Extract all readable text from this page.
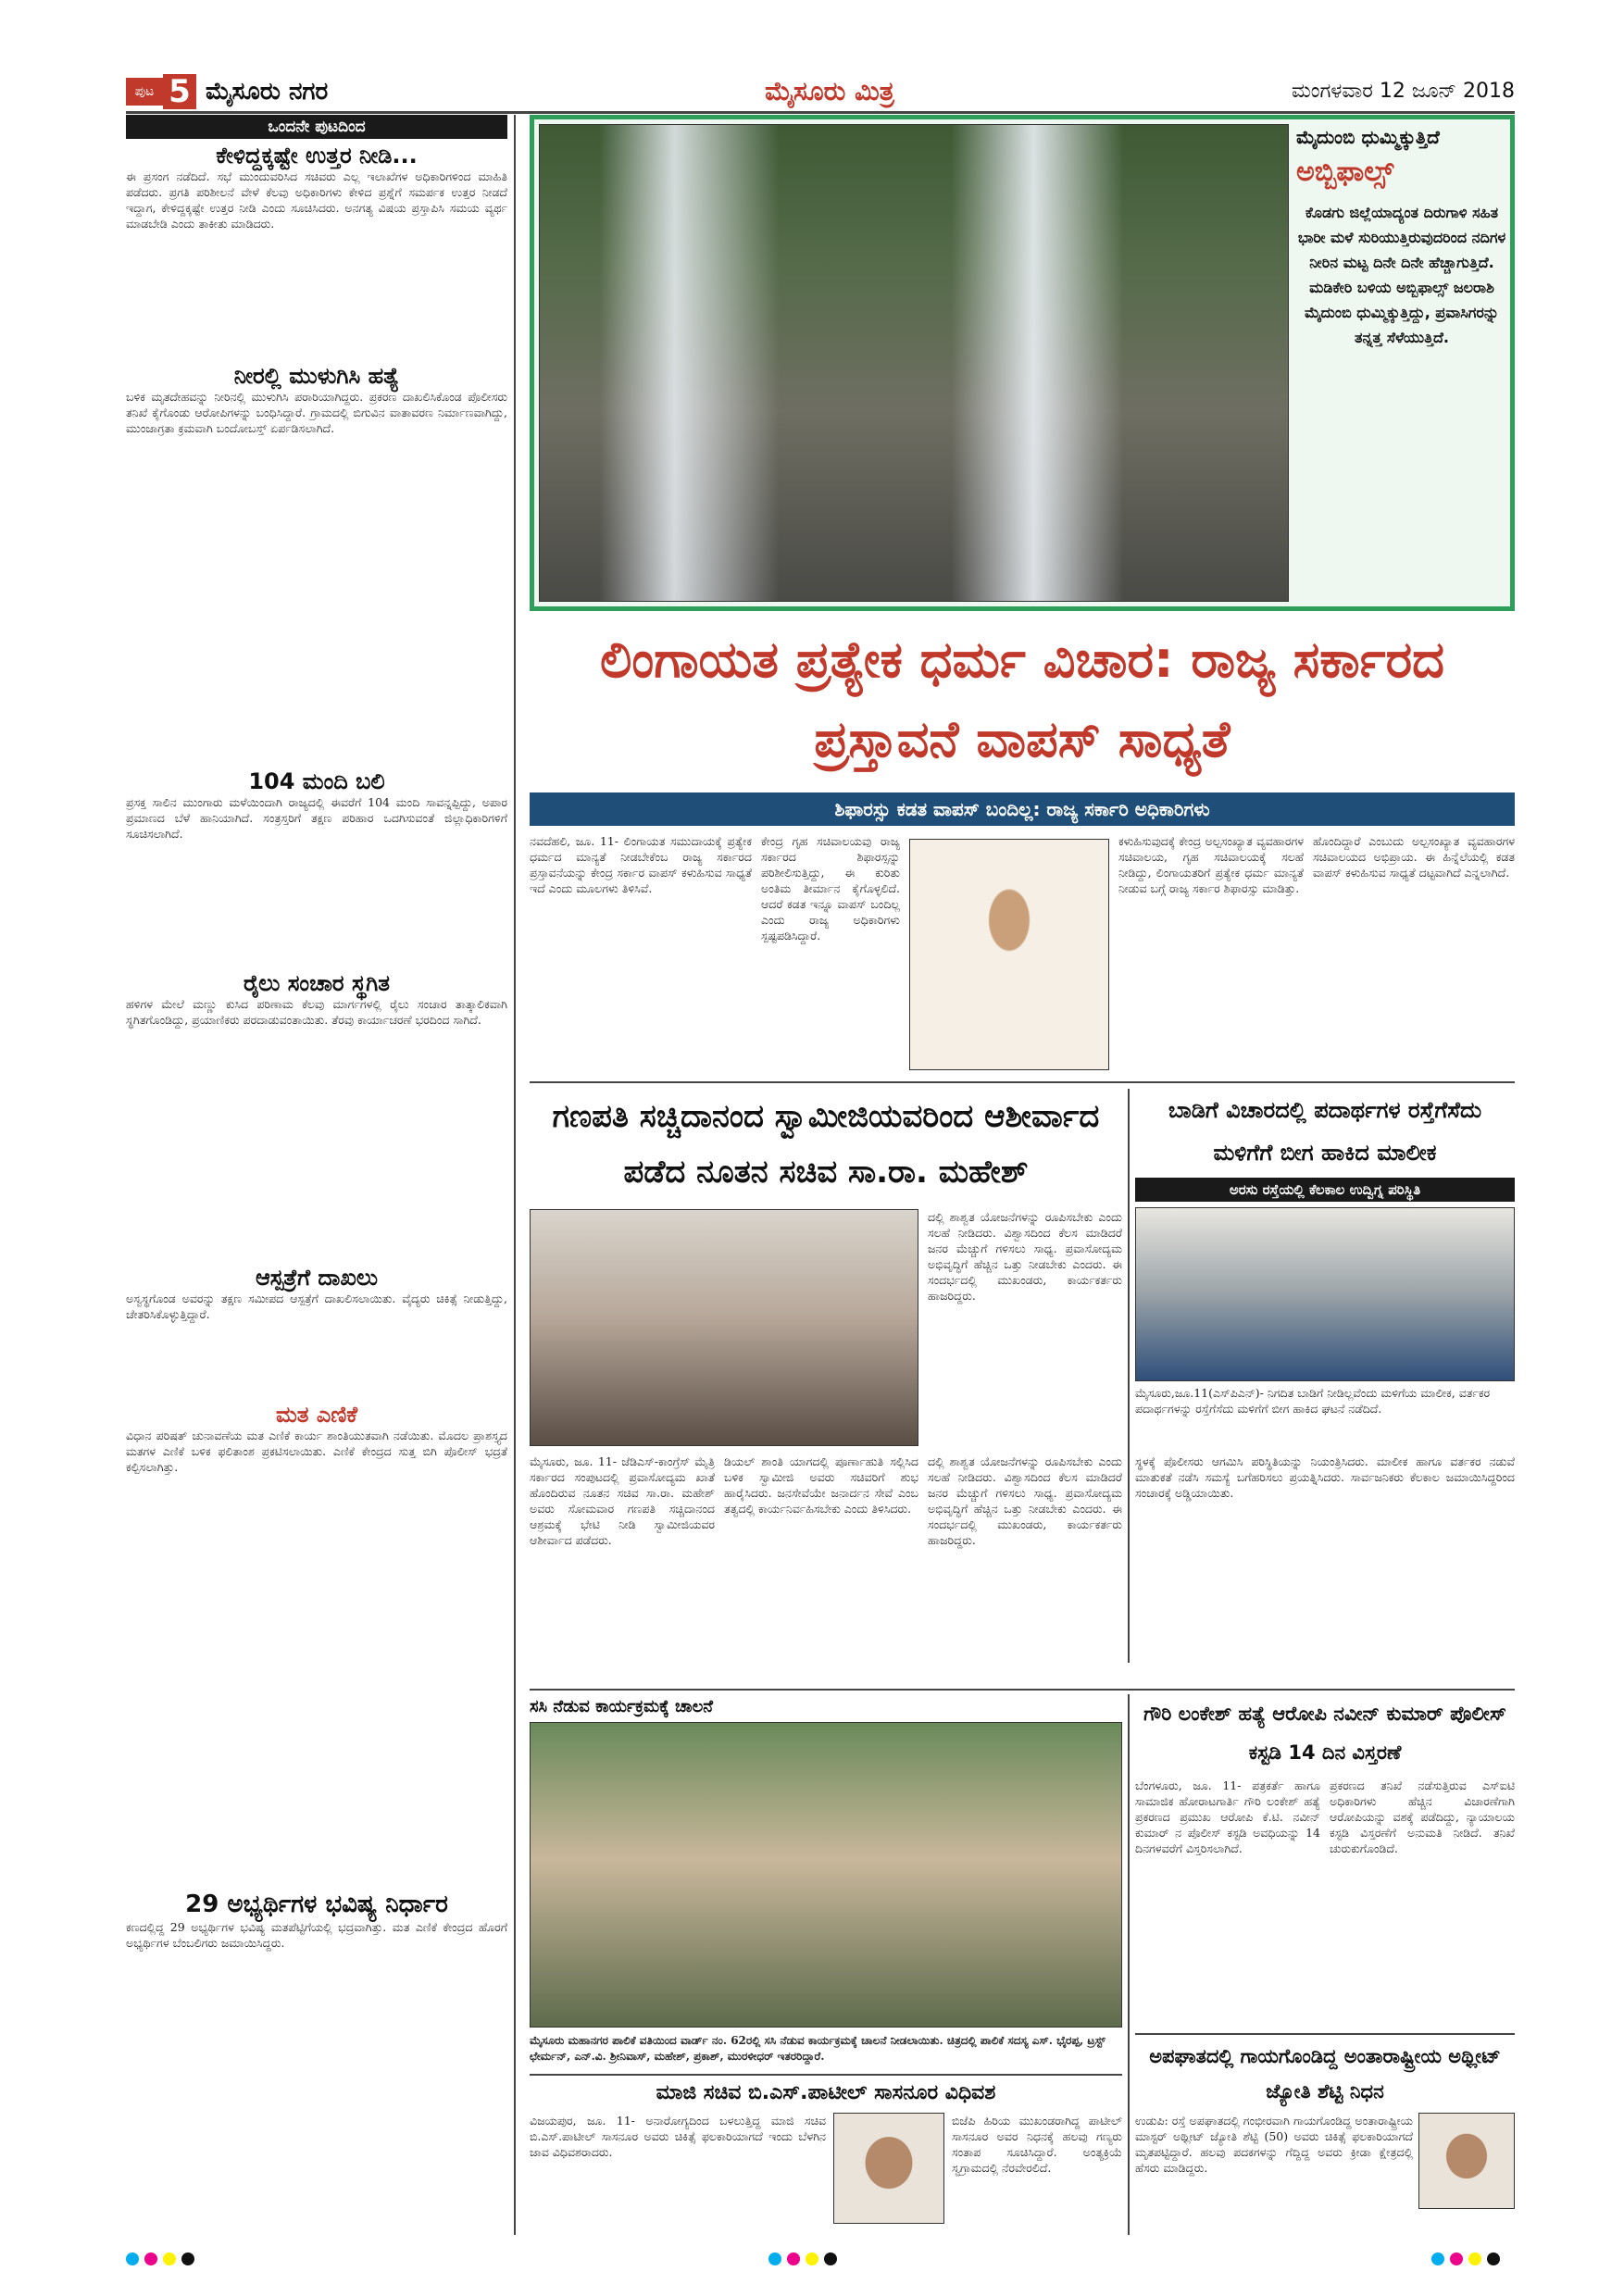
ಪುಟ 5 ಮೈಸೂರು ನಗರ	ಮೈಸೂರು ಮಿತ್ರ	ಮಂಗಳವಾರ 12 ಜೂನ್ 2018
ಒಂದನೇ ಪುಟದಿಂದ
ಕೇಳಿದ್ದಕ್ಕಷ್ಟೇ ಉತ್ತರ ನೀಡಿ...
ಈ ಪ್ರಸಂಗ ನಡೆದಿದೆ. ಸಭೆ ಮುಂದುವರಿಸಿದ ಸಚಿವರು ಎಲ್ಲ ಇಲಾಖೆಗಳ ಅಧಿಕಾರಿಗಳಿಂದ ಮಾಹಿತಿ ಪಡೆದರು. ಪ್ರಗತಿ ಪರಿಶೀಲನೆ ವೇಳೆ ಕೆಲವು ಅಧಿಕಾರಿಗಳು ಕೇಳಿದ ಪ್ರಶ್ನೆಗೆ ಸಮರ್ಪಕ ಉತ್ತರ ನೀಡದೆ ಇದ್ದಾಗ, ಕೇಳಿದ್ದಕ್ಕಷ್ಟೇ ಉತ್ತರ ನೀಡಿ ಎಂದು ಸೂಚಿಸಿದರು. ಅನಗತ್ಯ ವಿಷಯ ಪ್ರಸ್ತಾಪಿಸಿ ಸಮಯ ವ್ಯರ್ಥ ಮಾಡಬೇಡಿ ಎಂದು ತಾಕೀತು ಮಾಡಿದರು.
ನೀರಲ್ಲಿ ಮುಳುಗಿಸಿ ಹತ್ಯೆ
ಬಳಿಕ ಮೃತದೇಹವನ್ನು ನೀರಿನಲ್ಲಿ ಮುಳುಗಿಸಿ ಪರಾರಿಯಾಗಿದ್ದರು. ಪ್ರಕರಣ ದಾಖಲಿಸಿಕೊಂಡ ಪೊಲೀಸರು ತನಿಖೆ ಕೈಗೊಂಡು ಆರೋಪಿಗಳನ್ನು ಬಂಧಿಸಿದ್ದಾರೆ. ಗ್ರಾಮದಲ್ಲಿ ಬಿಗುವಿನ ವಾತಾವರಣ ನಿರ್ಮಾಣವಾಗಿದ್ದು, ಮುಂಜಾಗ್ರತಾ ಕ್ರಮವಾಗಿ ಬಂದೋಬಸ್ತ್ ಏರ್ಪಡಿಸಲಾಗಿದೆ.
104 ಮಂದಿ ಬಲಿ
ಪ್ರಸಕ್ತ ಸಾಲಿನ ಮುಂಗಾರು ಮಳೆಯಿಂದಾಗಿ ರಾಜ್ಯದಲ್ಲಿ ಈವರೆಗೆ 104 ಮಂದಿ ಸಾವನ್ನಪ್ಪಿದ್ದು, ಅಪಾರ ಪ್ರಮಾಣದ ಬೆಳೆ ಹಾನಿಯಾಗಿದೆ. ಸಂತ್ರಸ್ತರಿಗೆ ತಕ್ಷಣ ಪರಿಹಾರ ಒದಗಿಸುವಂತೆ ಜಿಲ್ಲಾಧಿಕಾರಿಗಳಿಗೆ ಸೂಚಿಸಲಾಗಿದೆ.
ರೈಲು ಸಂಚಾರ ಸ್ಥಗಿತ
ಹಳಿಗಳ ಮೇಲೆ ಮಣ್ಣು ಕುಸಿದ ಪರಿಣಾಮ ಕೆಲವು ಮಾರ್ಗಗಳಲ್ಲಿ ರೈಲು ಸಂಚಾರ ತಾತ್ಕಾಲಿಕವಾಗಿ ಸ್ಥಗಿತಗೊಂಡಿದ್ದು, ಪ್ರಯಾಣಿಕರು ಪರದಾಡುವಂತಾಯಿತು. ತೆರವು ಕಾರ್ಯಾಚರಣೆ ಭರದಿಂದ ಸಾಗಿದೆ.
ಆಸ್ಪತ್ರೆಗೆ ದಾಖಲು
ಅಸ್ವಸ್ಥಗೊಂಡ ಅವರನ್ನು ತಕ್ಷಣ ಸಮೀಪದ ಆಸ್ಪತ್ರೆಗೆ ದಾಖಲಿಸಲಾಯಿತು. ವೈದ್ಯರು ಚಿಕಿತ್ಸೆ ನೀಡುತ್ತಿದ್ದು, ಚೇತರಿಸಿಕೊಳ್ಳುತ್ತಿದ್ದಾರೆ.
ಮತ ಎಣಿಕೆ
ವಿಧಾನ ಪರಿಷತ್ ಚುನಾವಣೆಯ ಮತ ಎಣಿಕೆ ಕಾರ್ಯ ಶಾಂತಿಯುತವಾಗಿ ನಡೆಯಿತು. ಮೊದಲ ಪ್ರಾಶಸ್ತ್ಯದ ಮತಗಳ ಎಣಿಕೆ ಬಳಿಕ ಫಲಿತಾಂಶ ಪ್ರಕಟಿಸಲಾಯಿತು. ಎಣಿಕೆ ಕೇಂದ್ರದ ಸುತ್ತ ಬಿಗಿ ಪೊಲೀಸ್ ಭದ್ರತೆ ಕಲ್ಪಿಸಲಾಗಿತ್ತು.
29 ಅಭ್ಯರ್ಥಿಗಳ ಭವಿಷ್ಯ ನಿರ್ಧಾರ
ಕಣದಲ್ಲಿದ್ದ 29 ಅಭ್ಯರ್ಥಿಗಳ ಭವಿಷ್ಯ ಮತಪೆಟ್ಟಿಗೆಯಲ್ಲಿ ಭದ್ರವಾಗಿತ್ತು. ಮತ ಎಣಿಕೆ ಕೇಂದ್ರದ ಹೊರಗೆ ಅಭ್ಯರ್ಥಿಗಳ ಬೆಂಬಲಿಗರು ಜಮಾಯಿಸಿದ್ದರು.
ಮೈದುಂಬಿ ಧುಮ್ಮಿಕ್ಕುತ್ತಿದೆ
ಅಬ್ಬಿಫಾಲ್ಸ್
ಕೊಡಗು ಜಿಲ್ಲೆಯಾದ್ಯಂತ ದಿರುಗಾಳಿ ಸಹಿತ ಭಾರೀ ಮಳೆ ಸುರಿಯುತ್ತಿರುವುದರಿಂದ ನದಿಗಳ ನೀರಿನ ಮಟ್ಟ ದಿನೇ ದಿನೇ ಹೆಚ್ಚಾಗುತ್ತಿದೆ. ಮಡಿಕೇರಿ ಬಳಿಯ ಅಬ್ಬಿಫಾಲ್ಸ್ ಜಲರಾಶಿ ಮೈದುಂಬಿ ಧುಮ್ಮಿಕ್ಕುತ್ತಿದ್ದು, ಪ್ರವಾಸಿಗರನ್ನು ತನ್ನತ್ತ ಸೆಳೆಯುತ್ತಿದೆ.
ಲಿಂಗಾಯತ ಪ್ರತ್ಯೇಕ ಧರ್ಮ ವಿಚಾರ: ರಾಜ್ಯ ಸರ್ಕಾರದ ಪ್ರಸ್ತಾವನೆ ವಾಪಸ್ ಸಾಧ್ಯತೆ
ಶಿಫಾರಸ್ಸು ಕಡತ ವಾಪಸ್ ಬಂದಿಲ್ಲ: ರಾಜ್ಯ ಸರ್ಕಾರಿ ಅಧಿಕಾರಿಗಳು
ನವದೆಹಲಿ, ಜೂ. 11- ಲಿಂಗಾಯತ ಸಮುದಾಯಕ್ಕೆ ಪ್ರತ್ಯೇಕ ಧರ್ಮದ ಮಾನ್ಯತೆ ನೀಡಬೇಕೆಂಬ ರಾಜ್ಯ ಸರ್ಕಾರದ ಪ್ರಸ್ತಾವನೆಯನ್ನು ಕೇಂದ್ರ ಸರ್ಕಾರ ವಾಪಸ್ ಕಳುಹಿಸುವ ಸಾಧ್ಯತೆ ಇದೆ ಎಂದು ಮೂಲಗಳು ತಿಳಿಸಿವೆ.
ಕೇಂದ್ರ ಗೃಹ ಸಚಿವಾಲಯವು ರಾಜ್ಯ ಸರ್ಕಾರದ ಶಿಫಾರಸ್ಸನ್ನು ಪರಿಶೀಲಿಸುತ್ತಿದ್ದು, ಈ ಕುರಿತು ಅಂತಿಮ ತೀರ್ಮಾನ ಕೈಗೊಳ್ಳಲಿದೆ. ಆದರೆ ಕಡತ ಇನ್ನೂ ವಾಪಸ್ ಬಂದಿಲ್ಲ ಎಂದು ರಾಜ್ಯ ಅಧಿಕಾರಿಗಳು ಸ್ಪಷ್ಟಪಡಿಸಿದ್ದಾರೆ.
ಕಳುಹಿಸುವುದಕ್ಕೆ ಕೇಂದ್ರ ಅಲ್ಪಸಂಖ್ಯಾತ ವ್ಯವಹಾರಗಳ ಸಚಿವಾಲಯ, ಗೃಹ ಸಚಿವಾಲಯಕ್ಕೆ ಸಲಹೆ ನೀಡಿದ್ದು, ಲಿಂಗಾಯತರಿಗೆ ಪ್ರತ್ಯೇಕ ಧರ್ಮ ಮಾನ್ಯತೆ ನೀಡುವ ಬಗ್ಗೆ ರಾಜ್ಯ ಸರ್ಕಾರ ಶಿಫಾರಸ್ಸು ಮಾಡಿತ್ತು.
ಹೊಂದಿದ್ದಾರೆ ಎಂಬುದು ಅಲ್ಪಸಂಖ್ಯಾತ ವ್ಯವಹಾರಗಳ ಸಚಿವಾಲಯದ ಅಭಿಪ್ರಾಯ. ಈ ಹಿನ್ನೆಲೆಯಲ್ಲಿ ಕಡತ ವಾಪಸ್ ಕಳುಹಿಸುವ ಸಾಧ್ಯತೆ ದಟ್ಟವಾಗಿದೆ ಎನ್ನಲಾಗಿದೆ.
ಗಣಪತಿ ಸಚ್ಚಿದಾನಂದ ಸ್ವಾಮೀಜಿಯವರಿಂದ ಆಶೀರ್ವಾದ ಪಡೆದ ನೂತನ ಸಚಿವ ಸಾ.ರಾ. ಮಹೇಶ್
ದಲ್ಲಿ ಶಾಶ್ವತ ಯೋಜನೆಗಳನ್ನು ರೂಪಿಸಬೇಕು ಎಂದು ಸಲಹೆ ನೀಡಿದರು. ವಿಶ್ವಾಸದಿಂದ ಕೆಲಸ ಮಾಡಿದರೆ ಜನರ ಮೆಚ್ಚುಗೆ ಗಳಿಸಲು ಸಾಧ್ಯ. ಪ್ರವಾಸೋದ್ಯಮ ಅಭಿವೃದ್ಧಿಗೆ ಹೆಚ್ಚಿನ ಒತ್ತು ನೀಡಬೇಕು ಎಂದರು. ಈ ಸಂದರ್ಭದಲ್ಲಿ ಮುಖಂಡರು, ಕಾರ್ಯಕರ್ತರು ಹಾಜರಿದ್ದರು.
ಮೈಸೂರು, ಜೂ. 11- ಜೆಡಿಎಸ್-ಕಾಂಗ್ರೆಸ್ ಮೈತ್ರಿ ಸರ್ಕಾರದ ಸಂಪುಟದಲ್ಲಿ ಪ್ರವಾಸೋದ್ಯಮ ಖಾತೆ ಹೊಂದಿರುವ ನೂತನ ಸಚಿವ ಸಾ.ರಾ. ಮಹೇಶ್ ಅವರು ಸೋಮವಾರ ಗಣಪತಿ ಸಚ್ಚಿದಾನಂದ ಆಶ್ರಮಕ್ಕೆ ಭೇಟಿ ನೀಡಿ ಸ್ವಾಮೀಜಿಯವರ ಆಶೀರ್ವಾದ ಪಡೆದರು.
ಡಿಯಲ್ ಶಾಂತಿ ಯಾಗದಲ್ಲಿ ಪೂರ್ಣಾಹುತಿ ಸಲ್ಲಿಸಿದ ಬಳಿಕ ಸ್ವಾಮೀಜಿ ಅವರು ಸಚಿವರಿಗೆ ಶುಭ ಹಾರೈಸಿದರು. ಜನಸೇವೆಯೇ ಜನಾರ್ದನ ಸೇವೆ ಎಂಬ ತತ್ವದಲ್ಲಿ ಕಾರ್ಯನಿರ್ವಹಿಸಬೇಕು ಎಂದು ತಿಳಿಸಿದರು.
ದಲ್ಲಿ ಶಾಶ್ವತ ಯೋಜನೆಗಳನ್ನು ರೂಪಿಸಬೇಕು ಎಂದು ಸಲಹೆ ನೀಡಿದರು. ವಿಶ್ವಾಸದಿಂದ ಕೆಲಸ ಮಾಡಿದರೆ ಜನರ ಮೆಚ್ಚುಗೆ ಗಳಿಸಲು ಸಾಧ್ಯ. ಪ್ರವಾಸೋದ್ಯಮ ಅಭಿವೃದ್ಧಿಗೆ ಹೆಚ್ಚಿನ ಒತ್ತು ನೀಡಬೇಕು ಎಂದರು. ಈ ಸಂದರ್ಭದಲ್ಲಿ ಮುಖಂಡರು, ಕಾರ್ಯಕರ್ತರು ಹಾಜರಿದ್ದರು.
ಬಾಡಿಗೆ ವಿಚಾರದಲ್ಲಿ ಪದಾರ್ಥಗಳ ರಸ್ತೆಗೆಸೆದು ಮಳಿಗೆಗೆ ಬೀಗ ಹಾಕಿದ ಮಾಲೀಕ
ಅರಸು ರಸ್ತೆಯಲ್ಲಿ ಕೆಲಕಾಲ ಉದ್ವಿಗ್ನ ಪರಿಸ್ಥಿತಿ
ಮೈಸೂರು,ಜೂ.11(ಎಸ್‌ಪಿಎನ್)- ನಿಗದಿತ ಬಾಡಿಗೆ ನೀಡಿಲ್ಲವೆಂದು ಮಳಿಗೆಯ ಮಾಲೀಕ, ವರ್ತಕರ ಪದಾರ್ಥಗಳನ್ನು ರಸ್ತೆಗೆಸೆದು ಮಳಿಗೆಗೆ ಬೀಗ ಹಾಕಿದ ಘಟನೆ ನಡೆದಿದೆ.
ಸ್ಥಳಕ್ಕೆ ಪೊಲೀಸರು ಆಗಮಿಸಿ ಪರಿಸ್ಥಿತಿಯನ್ನು ನಿಯಂತ್ರಿಸಿದರು. ಮಾಲೀಕ ಹಾಗೂ ವರ್ತಕರ ನಡುವೆ ಮಾತುಕತೆ ನಡೆಸಿ ಸಮಸ್ಯೆ ಬಗೆಹರಿಸಲು ಪ್ರಯತ್ನಿಸಿದರು. ಸಾರ್ವಜನಿಕರು ಕೆಲಕಾಲ ಜಮಾಯಿಸಿದ್ದರಿಂದ ಸಂಚಾರಕ್ಕೆ ಅಡ್ಡಿಯಾಯಿತು.
ಸಸಿ ನೆಡುವ ಕಾರ್ಯಕ್ರಮಕ್ಕೆ ಚಾಲನೆ
ಮೈಸೂರು ಮಹಾನಗರ ಪಾಲಿಕೆ ವತಿಯಿಂದ ವಾರ್ಡ್ ನಂ. 62ರಲ್ಲಿ ಸಸಿ ನೆಡುವ ಕಾರ್ಯಕ್ರಮಕ್ಕೆ ಚಾಲನೆ ನೀಡಲಾಯಿತು. ಚಿತ್ರದಲ್ಲಿ ಪಾಲಿಕೆ ಸದಸ್ಯ ಎಸ್. ಭೈರಪ್ಪ, ಟ್ರಸ್ಟ್ ಛೇರ್ಮನ್, ಎನ್.ವಿ. ಶ್ರೀನಿವಾಸ್, ಮಹೇಶ್, ಪ್ರಕಾಶ್, ಮುರಳೀಧರ್ ಇತರರಿದ್ದಾರೆ.
ಗೌರಿ ಲಂಕೇಶ್ ಹತ್ಯೆ ಆರೋಪಿ ನವೀನ್ ಕುಮಾರ್ ಪೊಲೀಸ್ ಕಸ್ಟಡಿ 14 ದಿನ ವಿಸ್ತರಣೆ
ಬೆಂಗಳೂರು, ಜೂ. 11- ಪತ್ರಕರ್ತೆ ಹಾಗೂ ಸಾಮಾಜಿಕ ಹೋರಾಟಗಾರ್ತಿ ಗೌರಿ ಲಂಕೇಶ್ ಹತ್ಯೆ ಪ್ರಕರಣದ ಪ್ರಮುಖ ಆರೋಪಿ ಕೆ.ಟಿ. ನವೀನ್ ಕುಮಾರ್ ನ ಪೊಲೀಸ್ ಕಸ್ಟಡಿ ಅವಧಿಯನ್ನು 14 ದಿನಗಳವರೆಗೆ ವಿಸ್ತರಿಸಲಾಗಿದೆ.
ಪ್ರಕರಣದ ತನಿಖೆ ನಡೆಸುತ್ತಿರುವ ಎಸ್‌ಐಟಿ ಅಧಿಕಾರಿಗಳು ಹೆಚ್ಚಿನ ವಿಚಾರಣೆಗಾಗಿ ಆರೋಪಿಯನ್ನು ವಶಕ್ಕೆ ಪಡೆದಿದ್ದು, ನ್ಯಾಯಾಲಯ ಕಸ್ಟಡಿ ವಿಸ್ತರಣೆಗೆ ಅನುಮತಿ ನೀಡಿದೆ. ತನಿಖೆ ಚುರುಕುಗೊಂಡಿದೆ.
ಮಾಜಿ ಸಚಿವ ಬಿ.ಎಸ್.ಪಾಟೀಲ್ ಸಾಸನೂರ ವಿಧಿವಶ
ವಿಜಯಪುರ, ಜೂ. 11- ಅನಾರೋಗ್ಯದಿಂದ ಬಳಲುತ್ತಿದ್ದ ಮಾಜಿ ಸಚಿವ ಬಿ.ಎಸ್.ಪಾಟೀಲ್ ಸಾಸನೂರ ಅವರು ಚಿಕಿತ್ಸೆ ಫಲಕಾರಿಯಾಗದೆ ಇಂದು ಬೆಳಗಿನ ಜಾವ ವಿಧಿವಶರಾದರು.
ಬಿಜೆಪಿ ಹಿರಿಯ ಮುಖಂಡರಾಗಿದ್ದ ಪಾಟೀಲ್ ಸಾಸನೂರ ಅವರ ನಿಧನಕ್ಕೆ ಹಲವು ಗಣ್ಯರು ಸಂತಾಪ ಸೂಚಿಸಿದ್ದಾರೆ. ಅಂತ್ಯಕ್ರಿಯೆ ಸ್ವಗ್ರಾಮದಲ್ಲಿ ನೆರವೇರಲಿದೆ.
ಅಪಘಾತದಲ್ಲಿ ಗಾಯಗೊಂಡಿದ್ದ ಅಂತಾರಾಷ್ಟ್ರೀಯ ಅಥ್ಲೀಟ್ ಜ್ಯೋತಿ ಶೆಟ್ಟಿ ನಿಧನ
ಉಡುಪಿ: ರಸ್ತೆ ಅಪಘಾತದಲ್ಲಿ ಗಂಭೀರವಾಗಿ ಗಾಯಗೊಂಡಿದ್ದ ಅಂತಾರಾಷ್ಟ್ರೀಯ ಮಾಸ್ಟರ್ ಅಥ್ಲೀಟ್ ಜ್ಯೋತಿ ಶೆಟ್ಟಿ (50) ಅವರು ಚಿಕಿತ್ಸೆ ಫಲಕಾರಿಯಾಗದೆ ಮೃತಪಟ್ಟಿದ್ದಾರೆ. ಹಲವು ಪದಕಗಳನ್ನು ಗೆದ್ದಿದ್ದ ಅವರು ಕ್ರೀಡಾ ಕ್ಷೇತ್ರದಲ್ಲಿ ಹೆಸರು ಮಾಡಿದ್ದರು.
